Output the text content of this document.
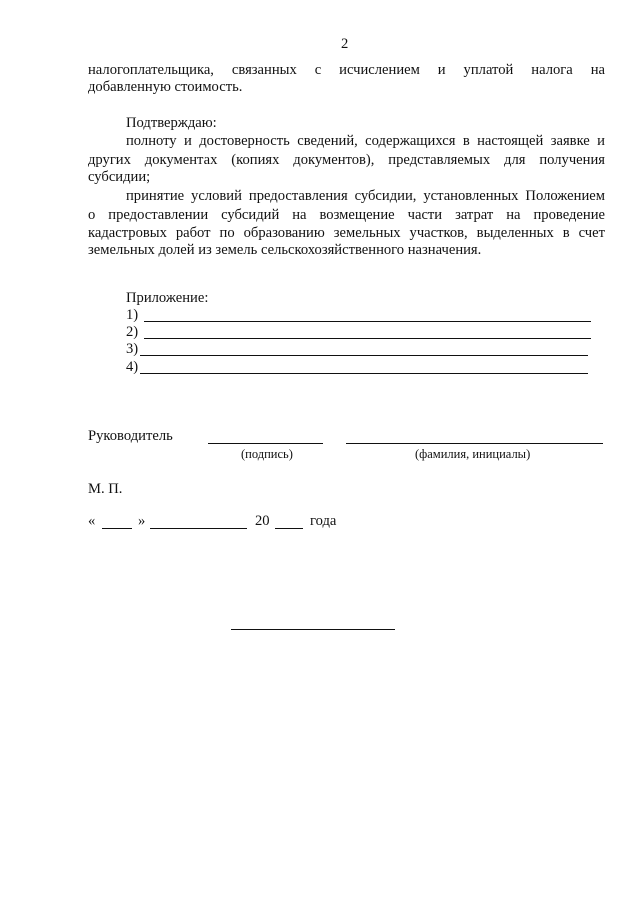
2
налогоплательщика, связанных с исчислением и уплатой налога на
добавленную стоимость.
Подтверждаю:
полноту и достоверность сведений, содержащихся в настоящей заявке и
других документах (копиях документов), представляемых для получения
субсидии;
принятие условий предоставления субсидии, установленных Положением
о предоставлении субсидий на возмещение части затрат на проведение
кадастровых работ по образованию земельных участков, выделенных в счет
земельных долей из земель сельскохозяйственного назначения.
Приложение:
1)
2)
3)
4)
Руководитель
(подпись)	(фамилия, инициалы)
М. П.
«	»	20	года
